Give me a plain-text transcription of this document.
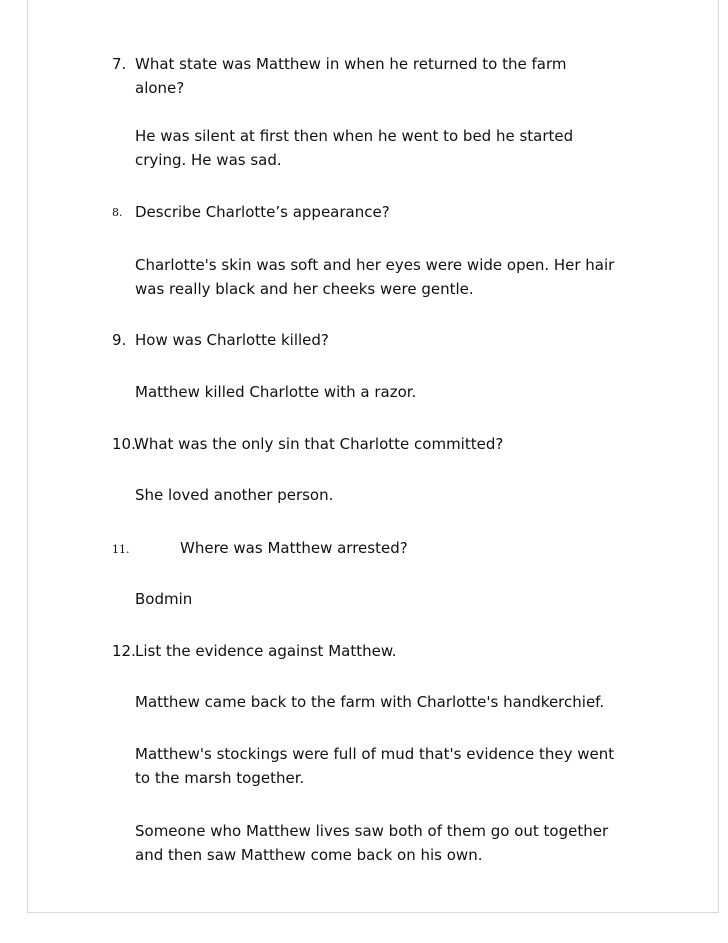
7. What state was Matthew in when he returned to the farm
alone?
He was silent at first then when he went to bed he started
crying. He was sad.
8. Describe Charlotte’s appearance?
Charlotte's skin was soft and her eyes were wide open. Her hair
was really black and her cheeks were gentle.
9. How was Charlotte killed?
Matthew killed Charlotte with a razor.
10.
What was the only sin that Charlotte committed?
She loved another person.
11.	Where was Matthew arrested?
Bodmin
12. List the evidence against Matthew.
Matthew came back to the farm with Charlotte's handkerchief.
Matthew's stockings were full of mud that's evidence they went
to the marsh together.
Someone who Matthew lives saw both of them go out together
and then saw Matthew come back on his own.
